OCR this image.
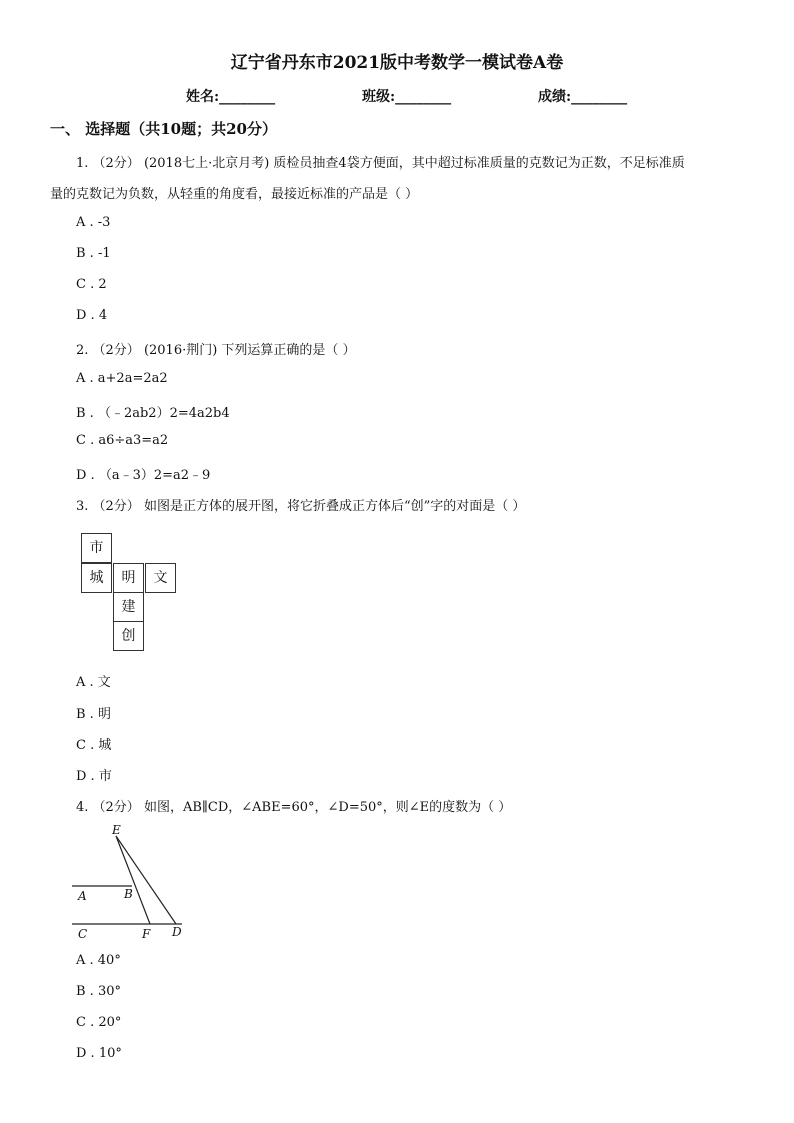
辽宁省丹东市2021版中考数学一模试卷A卷
姓名:________	班级:________	成绩:________
一、 选择题（共10题；共20分）
1. （2分） (2018七上·北京月考) 质检员抽查4袋方便面，其中超过标准质量的克数记为正数，不足标准质
量的克数记为负数，从轻重的角度看，最接近标准的产品是（ ）
A . -3
B . -1
C . 2
D . 4
2. （2分） (2016·荆门) 下列运算正确的是（ ）
A . a+2a=2a2
B . （﹣2ab2）2=4a2b4
C . a6÷a3=a2
D . （a﹣3）2=a2﹣9
3. （2分） 如图是正方体的展开图，将它折叠成正方体后“创”字的对面是（ ）
市
城	明	文
建
创
A . 文
B . 明
C . 城
D . 市
4. （2分） 如图，AB∥CD，∠ABE=60°，∠D=50°，则∠E的度数为（ ）
E
A	B
C	F D
A . 40°
B . 30°
C . 20°
D . 10°
